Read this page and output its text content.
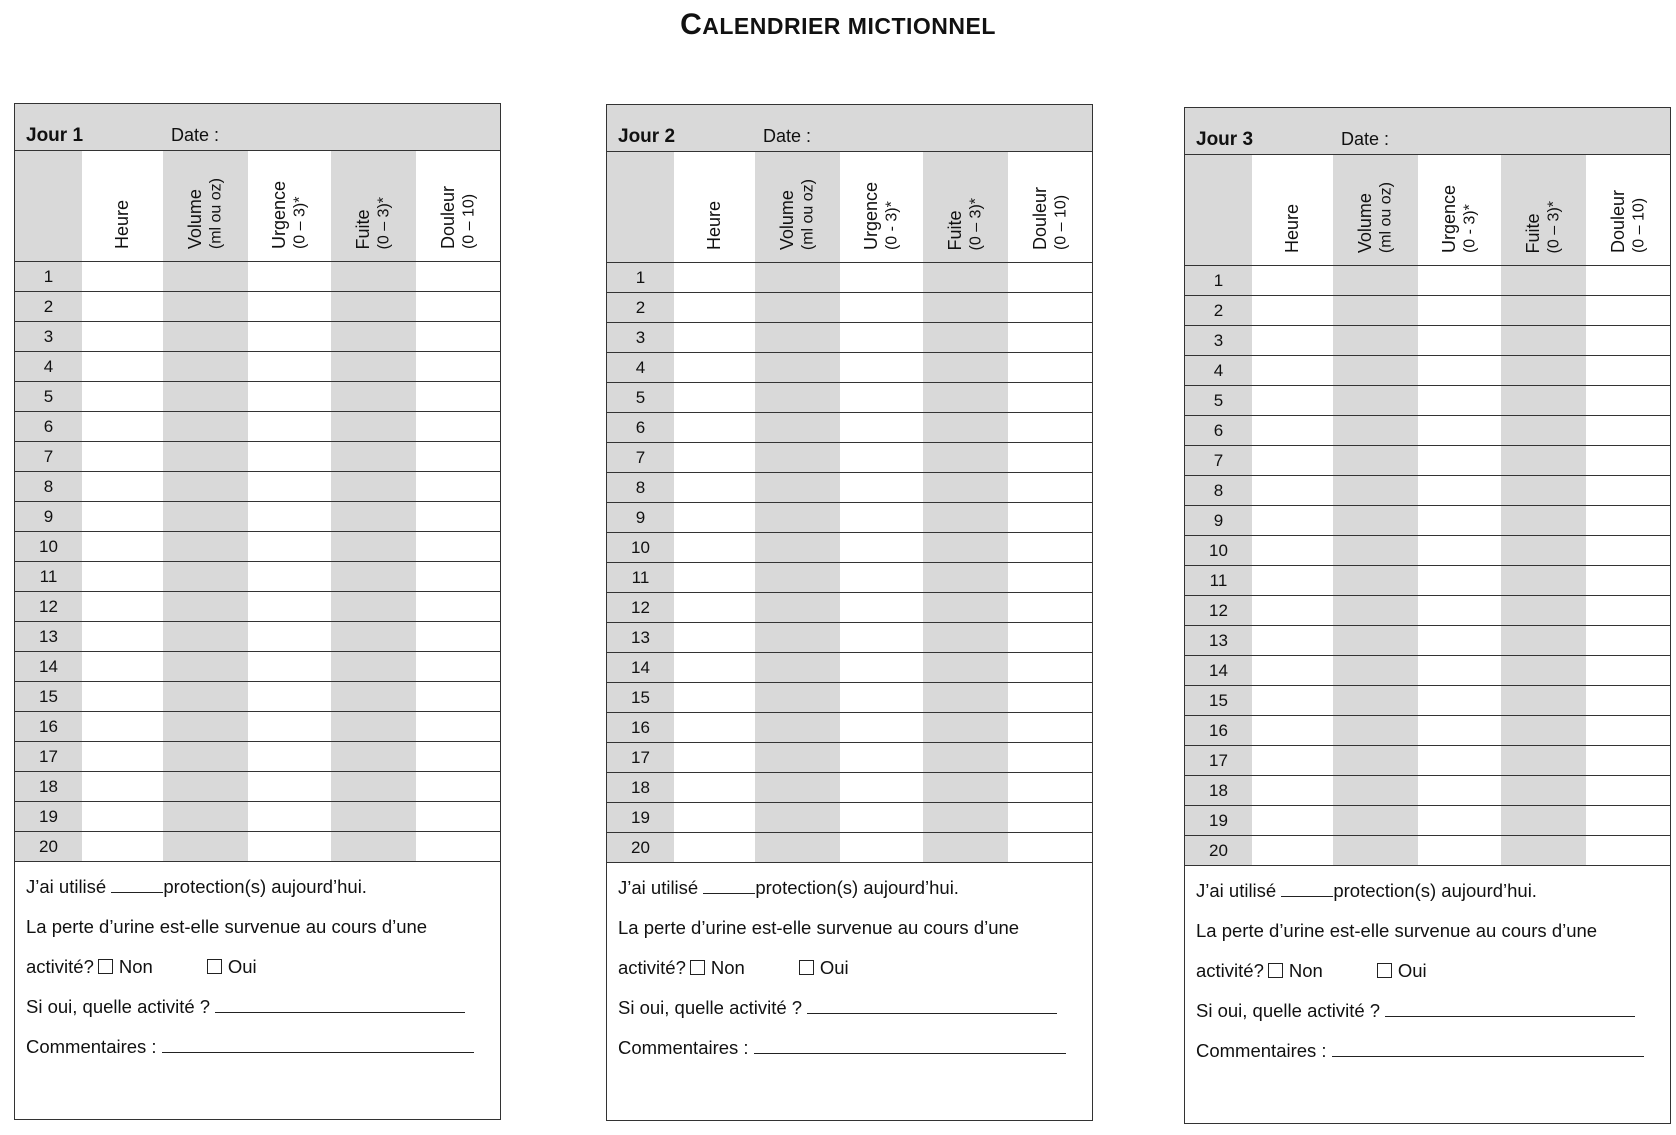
CALENDRIER MICTIONNEL
Jour 1	Date :

	Heure	Volume (ml ou oz)	Urgence (0 – 3)*	Fuite (0 – 3)*	Douleur (0 – 10)

1					
2					
3					
4					
5					
6					
7					
8					
9					
10					
11					
12					
13					
14					
15					
16					
17					
18					
19					
20					
J’ai utilisé	protection(s) aujourd’hui.
La perte d’urine est-elle survenue au cours d’une
activité? Non	Oui
Si oui, quelle activité ?
Commentaires :
Jour 2	Date :

	Heure	Volume (ml ou oz)	Urgence (0 - 3)*	Fuite (0 – 3)*	Douleur (0 – 10)

1					
2					
3					
4					
5					
6					
7					
8					
9					
10					
11					
12					
13					
14					
15					
16					
17					
18					
19					
20					
J’ai utilisé	protection(s) aujourd’hui.
La perte d’urine est-elle survenue au cours d’une
activité? Non	Oui
Si oui, quelle activité ?
Commentaires :
Jour 3	Date :

	Heure	Volume (ml ou oz)	Urgence (0 - 3)*	Fuite (0 – 3)*	Douleur (0 – 10)

1					
2					
3					
4					
5					
6					
7					
8					
9					
10					
11					
12					
13					
14					
15					
16					
17					
18					
19					
20					
J’ai utilisé	protection(s) aujourd’hui.
La perte d’urine est-elle survenue au cours d’une
activité? Non	Oui
Si oui, quelle activité ?
Commentaires :
